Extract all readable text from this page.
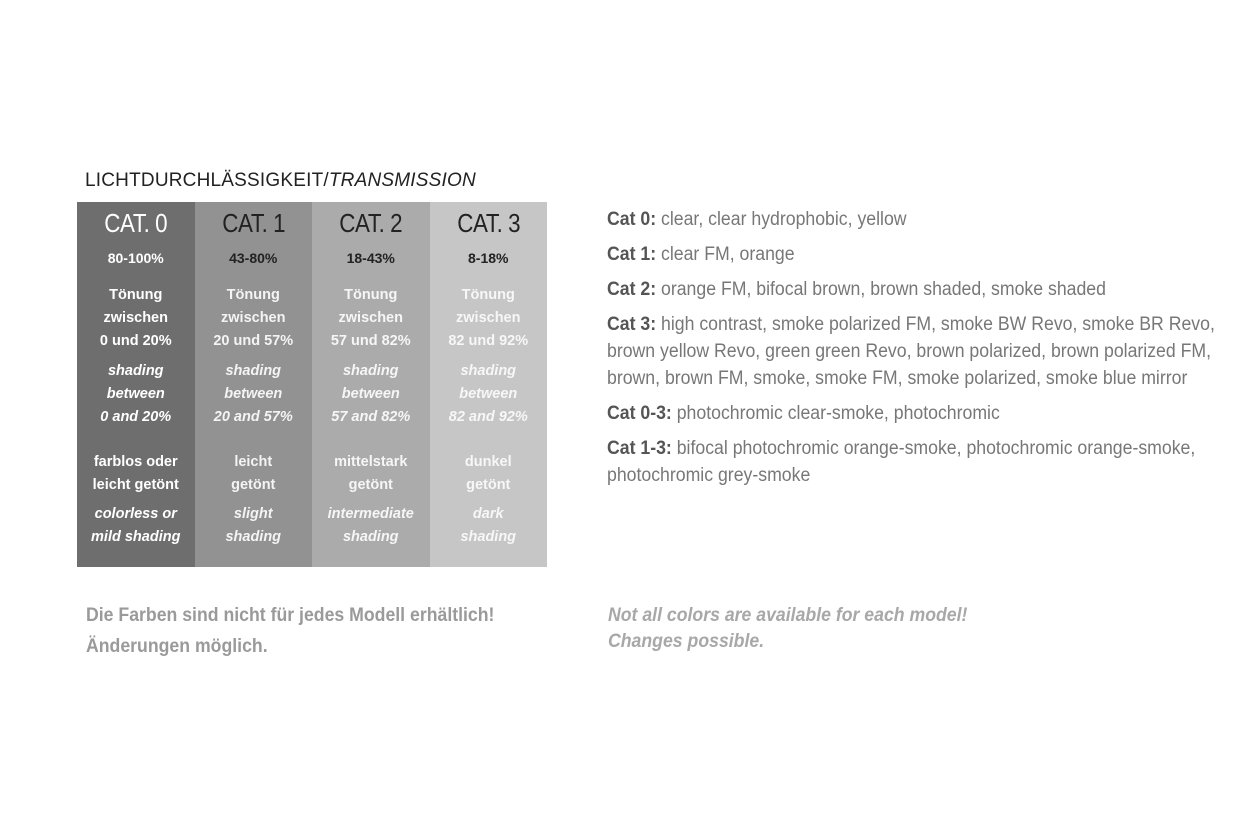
LICHTDURCHLÄSSIGKEIT/TRANSMISSION
CAT. 0
80-100%
Tönung
zwischen
0 und 20%
shading
between
0 and 20%
farblos oder
leicht getönt
colorless or
mild shading
CAT. 1
43-80%
Tönung
zwischen
20 und 57%
shading
between
20 and 57%
leicht
getönt
slight
shading
CAT. 2
18-43%
Tönung
zwischen
57 und 82%
shading
between
57 and 82%
mittelstark
getönt
intermediate
shading
CAT. 3
8-18%
Tönung
zwischen
82 und 92%
shading
between
82 and 92%
dunkel
getönt
dark
shading
Die Farben sind nicht für jedes Modell erhältlich!
Änderungen möglich.
Not all colors are available for each model!
Changes possible.
Cat 0: clear, clear hydrophobic, yellow
Cat 1: clear FM, orange
Cat 2: orange FM, bifocal brown, brown shaded, smoke shaded
Cat 3: high contrast, smoke polarized FM, smoke BW Revo, smoke BR Revo, brown yellow Revo, green green Revo, brown polarized, brown polarized FM, brown, brown FM, smoke, smoke FM, smoke polarized, smoke blue mirror
Cat 0-3: photochromic clear-smoke, photochromic
Cat 1-3: bifocal photochromic orange-smoke, photochromic orange-smoke, photochromic grey-smoke
